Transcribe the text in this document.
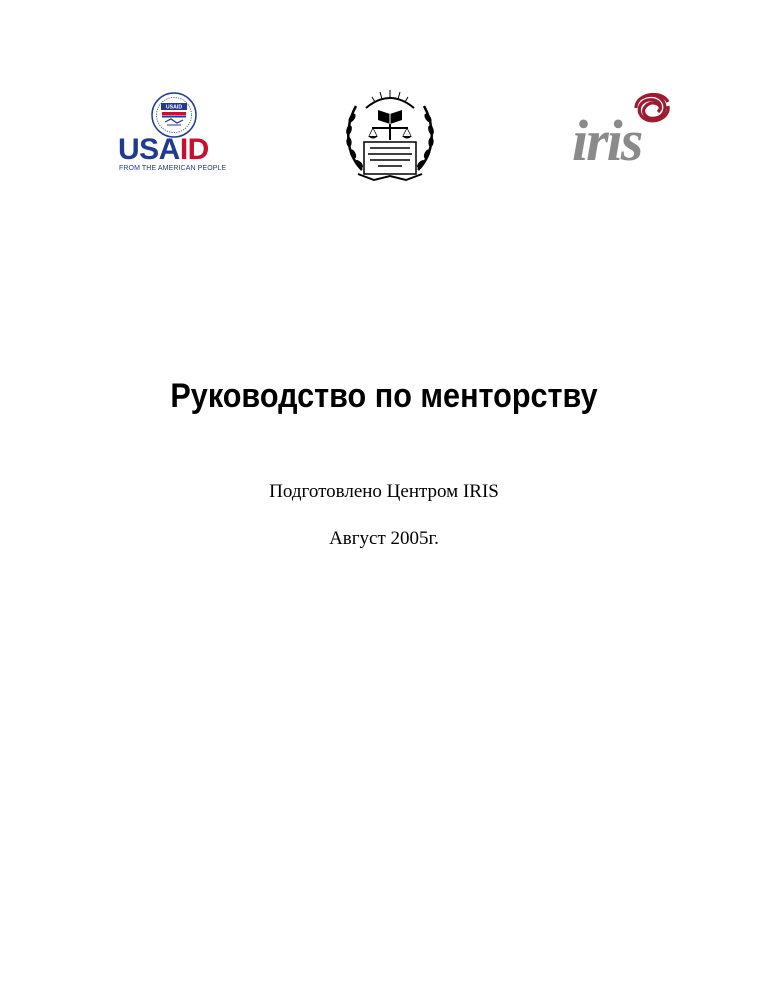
USAID
USAID
FROM THE AMERICAN PEOPLE	iris
Руководство по менторству
Подготовлено Центром IRIS
Август 2005г.
